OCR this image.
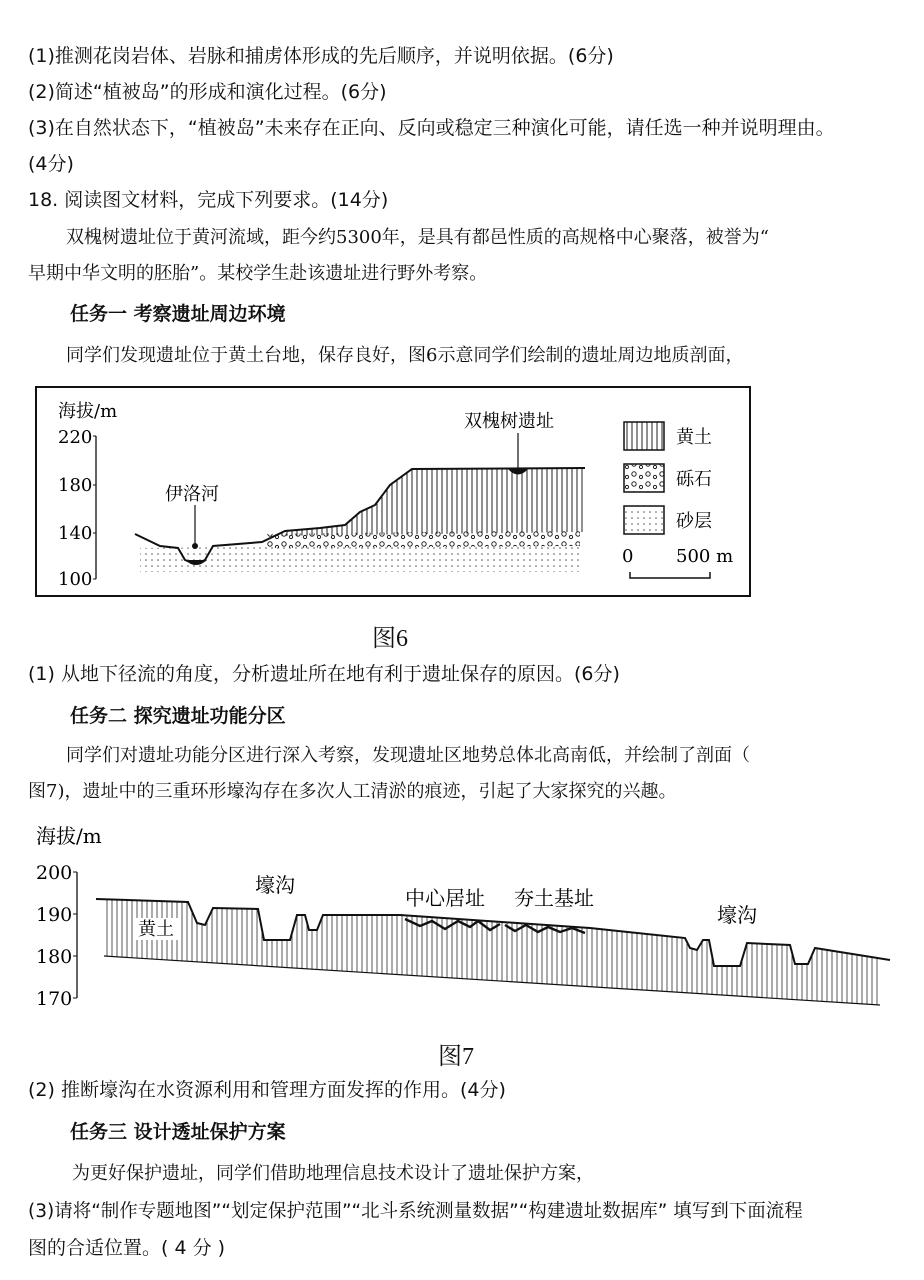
(1)推测花岗岩体、岩脉和捕虏体形成的先后顺序，并说明依据。(6分)
(2)简述“植被岛”的形成和演化过程。(6分)
(3)在自然状态下，“植被岛”未来存在正向、反向或稳定三种演化可能，请任选一种并说明理由。
(4分)
18. 阅读图文材料，完成下列要求。(14分)
双槐树遗址位于黄河流域，距今约5300年，是具有都邑性质的高规格中心聚落，被誉为“
早期中华文明的胚胎”。某校学生赴该遗址进行野外考察。
任务一 考察遗址周边环境
同学们发现遗址位于黄土台地，保存良好，图6示意同学们绘制的遗址周边地质剖面，
海拔/m
220
180
140
100
伊洛河
双槐树遗址
黄土
砾石
砂层
0 500 m
图6
(1) 从地下径流的角度，分析遗址所在地有利于遗址保存的原因。(6分)
任务二 探究遗址功能分区
同学们对遗址功能分区进行深入考察，发现遗址区地势总体北高南低，并绘制了剖面（
图7)，遗址中的三重环形壕沟存在多次人工清淤的痕迹，引起了大家探究的兴趣。
海拔/m
200
190
180
170
黄土
壕沟
中心居址 夯土基址
壕沟
图7
(2) 推断壕沟在水资源利用和管理方面发挥的作用。(4分)
任务三 设计透址保护方案
为更好保护遗址，同学们借助地理信息技术设计了遗址保护方案，
(3)请将“制作专题地图”“划定保护范围”“北斗系统测量数据”“构建遗址数据库” 填写到下面流程
图的合适位置。( 4 分 )
